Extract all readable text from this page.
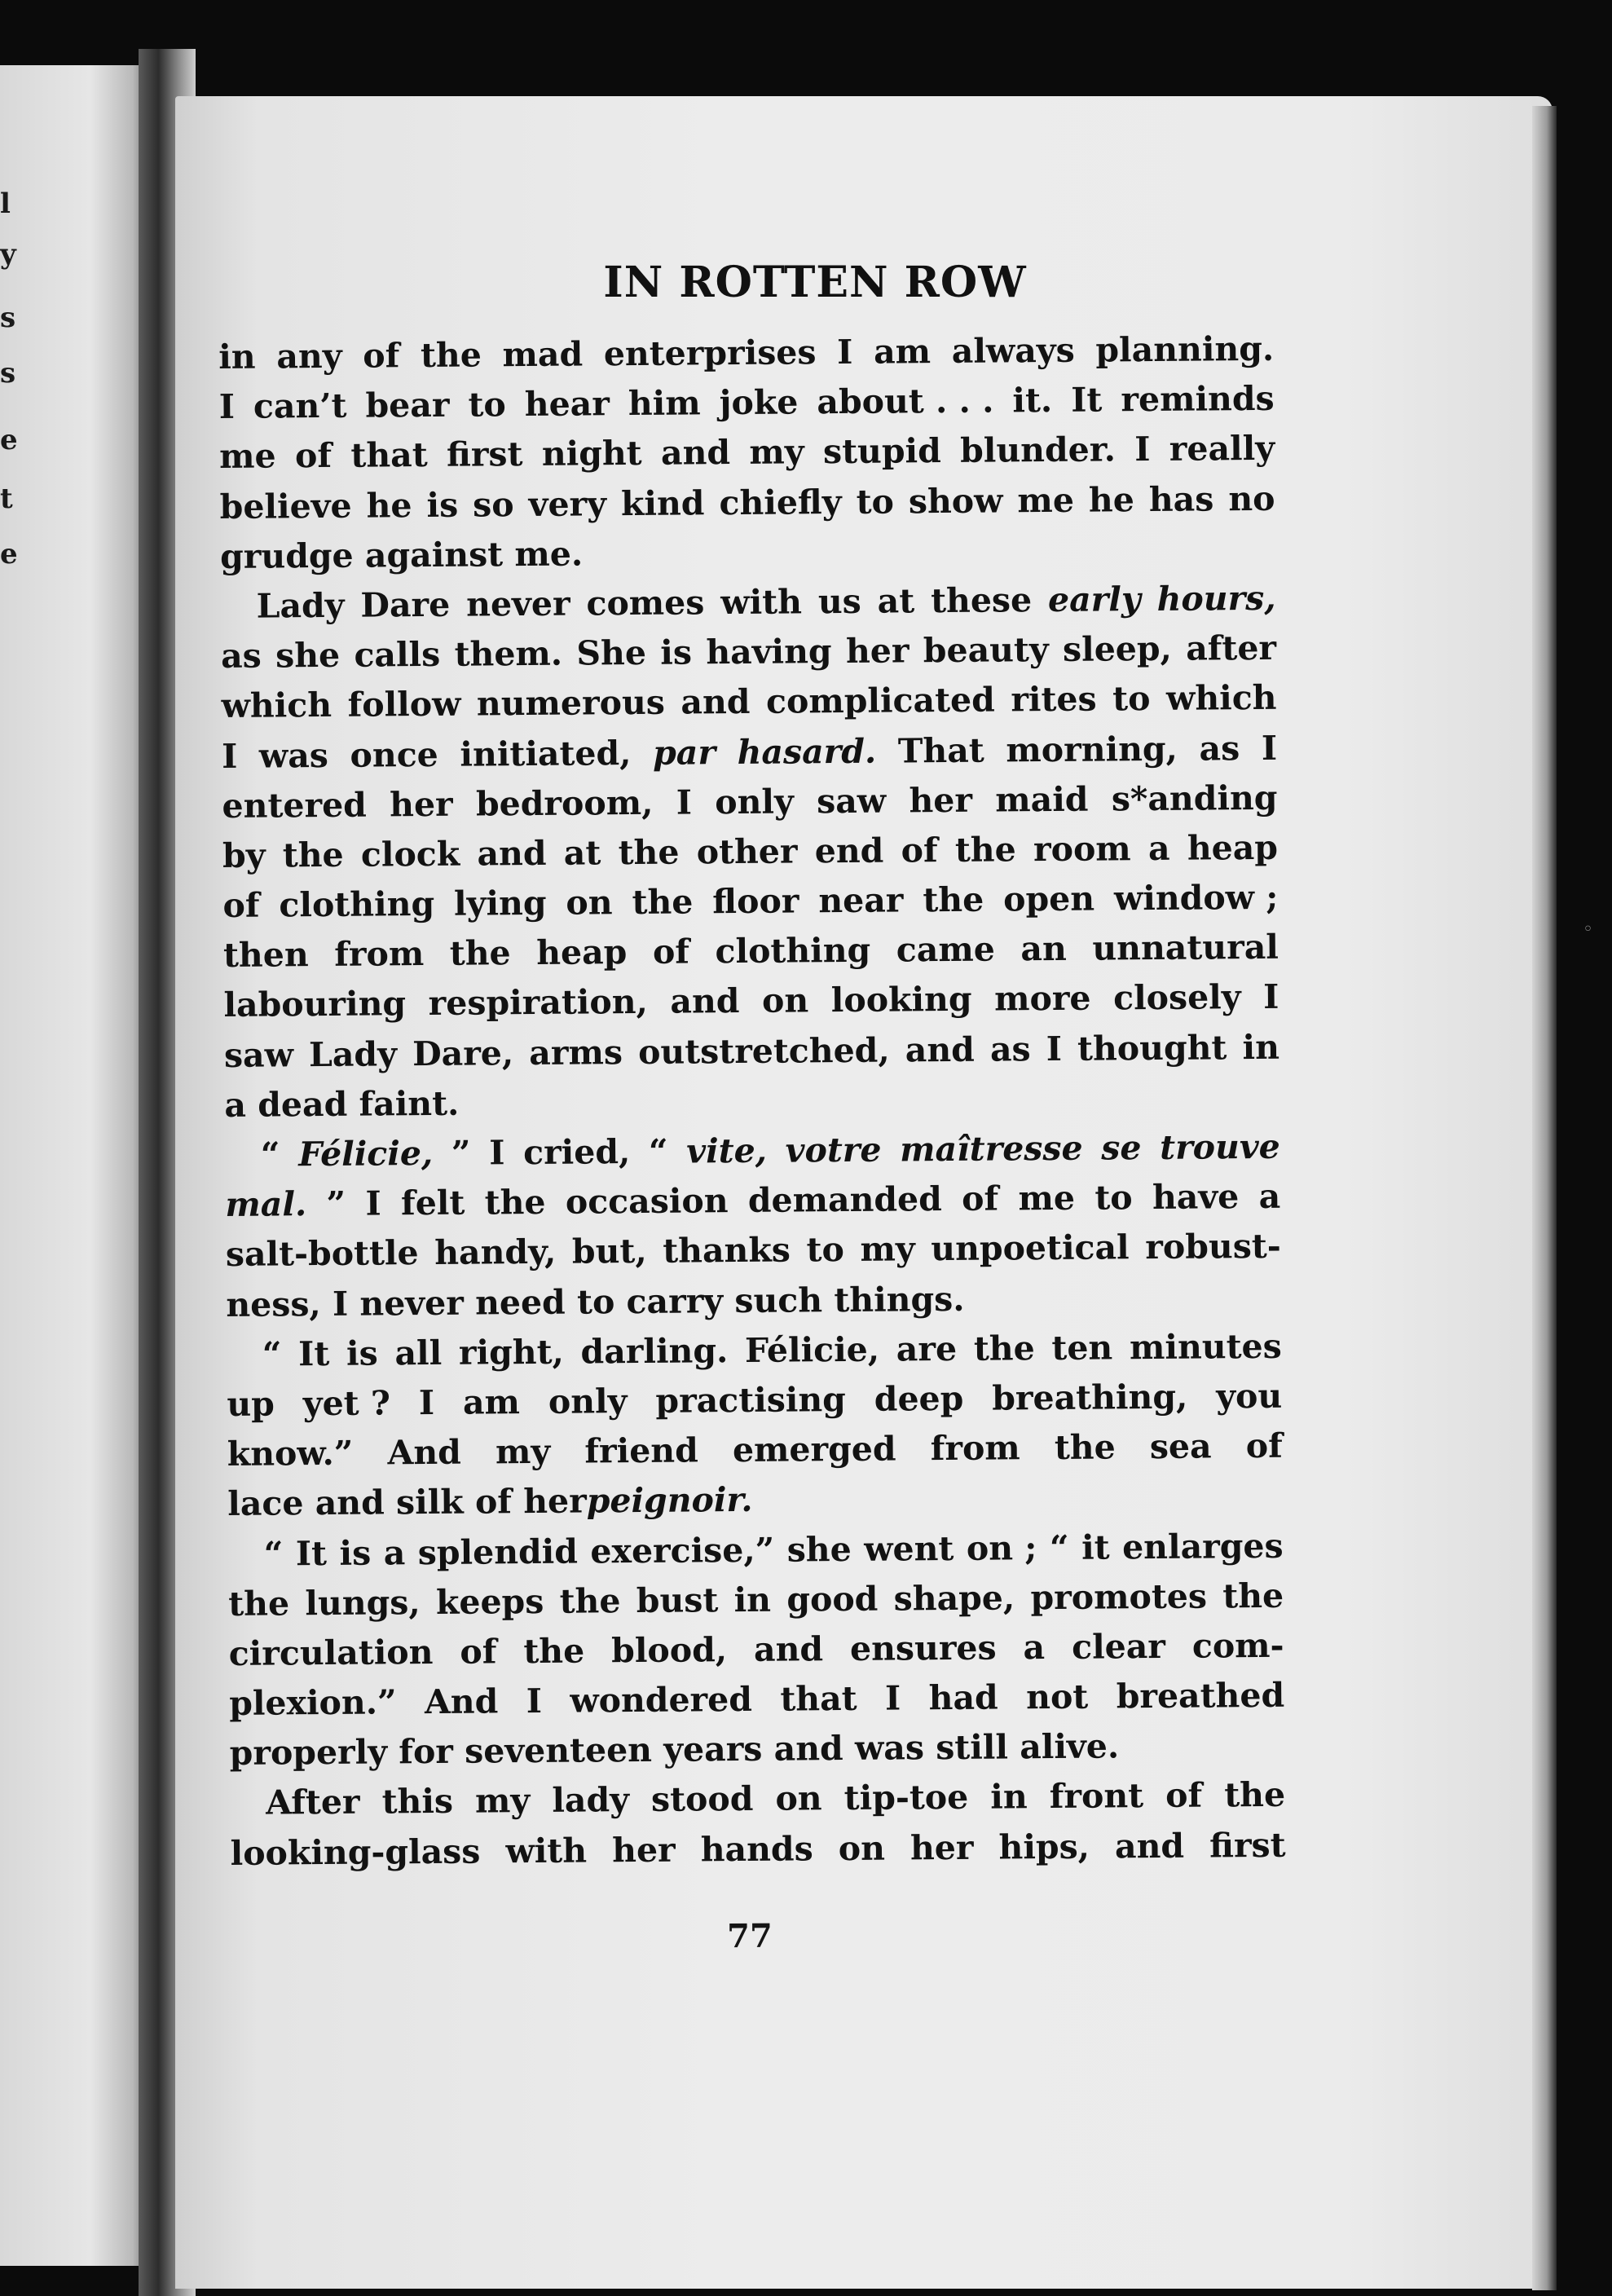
l
y
s
s
e
t
e
◦
IN ROTTEN ROW
in any of the mad enterprises I am always planning.
I can’t bear to hear him joke about . . . it. It reminds
me of that first night and my stupid blunder. I really
believe he is so very kind chiefly to show me he has no
grudge against me.
Lady Dare never comes with us at these early hours,
as she calls them. She is having her beauty sleep, after
which follow numerous and complicated rites to which
I was once initiated, par hasard. That morning, as I
entered her bedroom, I only saw her maid s*anding
by the clock and at the other end of the room a heap
of clothing lying on the floor near the open window ;
then from the heap of clothing came an unnatural
labouring respiration, and on looking more closely I
saw Lady Dare, arms outstretched, and as I thought in
a dead faint.
“ Félicie, ” I cried, “ vite, votre maîtresse se trouve
mal. ” I felt the occasion demanded of me to have a
salt-bottle handy, but, thanks to my unpoetical robust-
ness, I never need to carry such things.
“ It is all right, darling. Félicie, are the ten minutes
up yet ? I am only practising deep breathing, you
know.” And my friend emerged from the sea of
lace and silk of her peignoir.
“ It is a splendid exercise,” she went on ; “ it enlarges
the lungs, keeps the bust in good shape, promotes the
circulation of the blood, and ensures a clear com-
plexion.” And I wondered that I had not breathed
properly for seventeen years and was still alive.
After this my lady stood on tip-toe in front of the
looking-glass with her hands on her hips, and first
77
